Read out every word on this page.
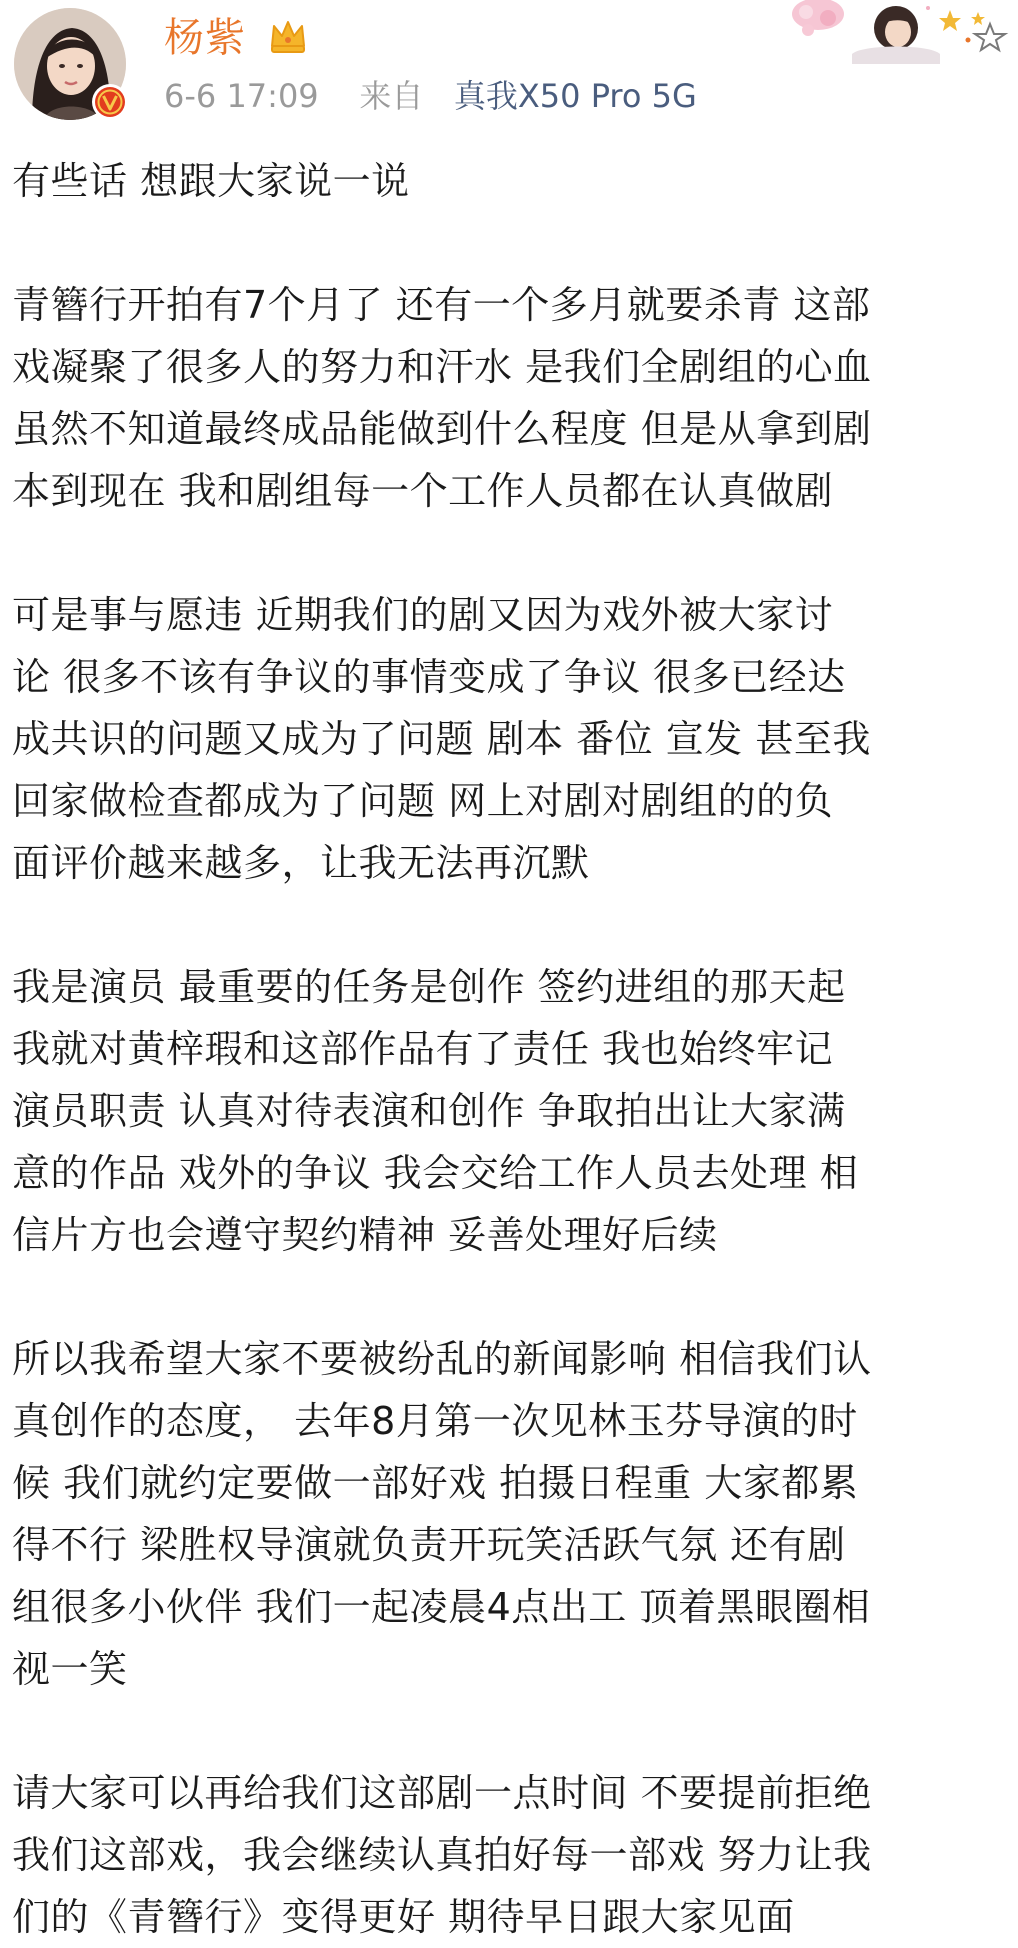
杨紫
6-6 17:09 来自 真我X50 Pro 5G
有些话 想跟大家说一说
青簪行开拍有7个月了 还有一个多月就要杀青 这部
戏凝聚了很多人的努力和汗水 是我们全剧组的心血
虽然不知道最终成品能做到什么程度 但是从拿到剧
本到现在 我和剧组每一个工作人员都在认真做剧
可是事与愿违 近期我们的剧又因为戏外被大家讨
论 很多不该有争议的事情变成了争议 很多已经达
成共识的问题又成为了问题 剧本 番位 宣发 甚至我
回家做检查都成为了问题 网上对剧对剧组的的负
面评价越来越多，让我无法再沉默
我是演员 最重要的任务是创作 签约进组的那天起
我就对黄梓瑕和这部作品有了责任 我也始终牢记
演员职责 认真对待表演和创作 争取拍出让大家满
意的作品 戏外的争议 我会交给工作人员去处理 相
信片方也会遵守契约精神 妥善处理好后续
所以我希望大家不要被纷乱的新闻影响 相信我们认
真创作的态度， 去年8月第一次见林玉芬导演的时
候 我们就约定要做一部好戏 拍摄日程重 大家都累
得不行 梁胜权导演就负责开玩笑活跃气氛 还有剧
组很多小伙伴 我们一起凌晨4点出工 顶着黑眼圈相
视一笑
请大家可以再给我们这部剧一点时间 不要提前拒绝
我们这部戏，我会继续认真拍好每一部戏 努力让我
们的《青簪行》变得更好 期待早日跟大家见面
